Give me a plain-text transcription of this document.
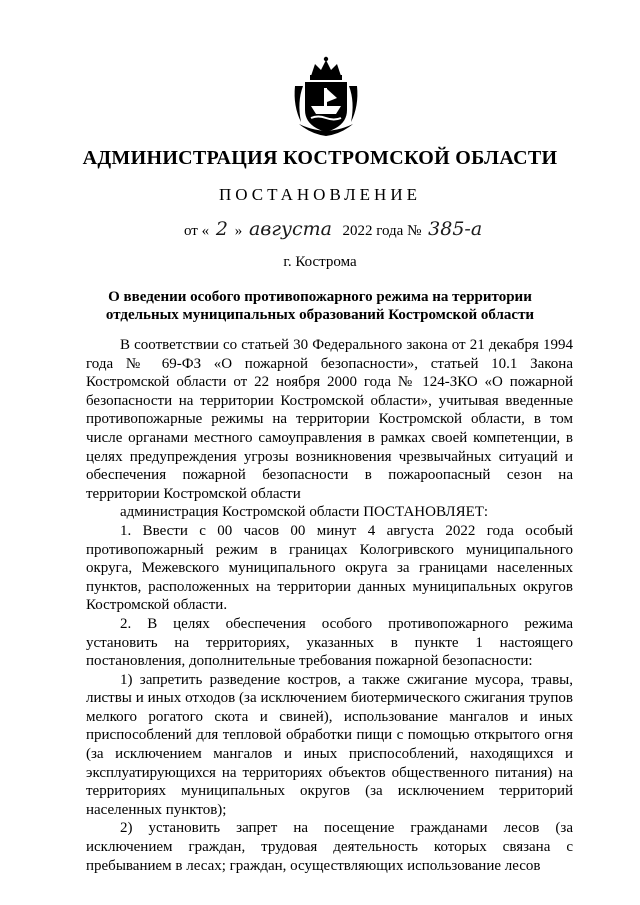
АДМИНИСТРАЦИЯ КОСТРОМСКОЙ ОБЛАСТИ
ПОСТАНОВЛЕНИЕ
от « 2 » августа 2022 года № 385-а
г. Кострома
О введении особого противопожарного режима на территории
отдельных муниципальных образований Костромской области

В соответствии со статьей 30 Федерального закона от 21 декабря 1994 года № 69-ФЗ «О пожарной безопасности», статьей 10.1 Закона Костромской области от 22 ноября 2000 года № 124-ЗКО «О пожарной безопасности на территории Костромской области», учитывая введенные противопожарные режимы на территории Костромской области, в том числе органами местного самоуправления в рамках своей компетенции, в целях предупреждения угрозы возникновения чрезвычайных ситуаций и обеспечения пожарной безопасности в пожароопасный сезон на территории Костромской области

администрация Костромской области ПОСТАНОВЛЯЕТ:

1. Ввести с 00 часов 00 минут 4 августа 2022 года особый противопожарный режим в границах Кологривского муниципального округа, Межевского муниципального округа за границами населенных пунктов, расположенных на территории данных муниципальных округов Костромской области.

2. В целях обеспечения особого противопожарного режима установить на территориях, указанных в пункте 1 настоящего постановления, дополнительные требования пожарной безопасности:

1) запретить разведение костров, а также сжигание мусора, травы, листвы и иных отходов (за исключением биотермического сжигания трупов мелкого рогатого скота и свиней), использование мангалов и иных приспособлений для тепловой обработки пищи с помощью открытого огня (за исключением мангалов и иных приспособлений, находящихся и эксплуатирующихся на территориях объектов общественного питания) на территориях муниципальных округов (за исключением территорий населенных пунктов);

2) установить запрет на посещение гражданами лесов (за исключением граждан, трудовая деятельность которых связана с пребыванием в лесах; граждан, осуществляющих использование лесов
